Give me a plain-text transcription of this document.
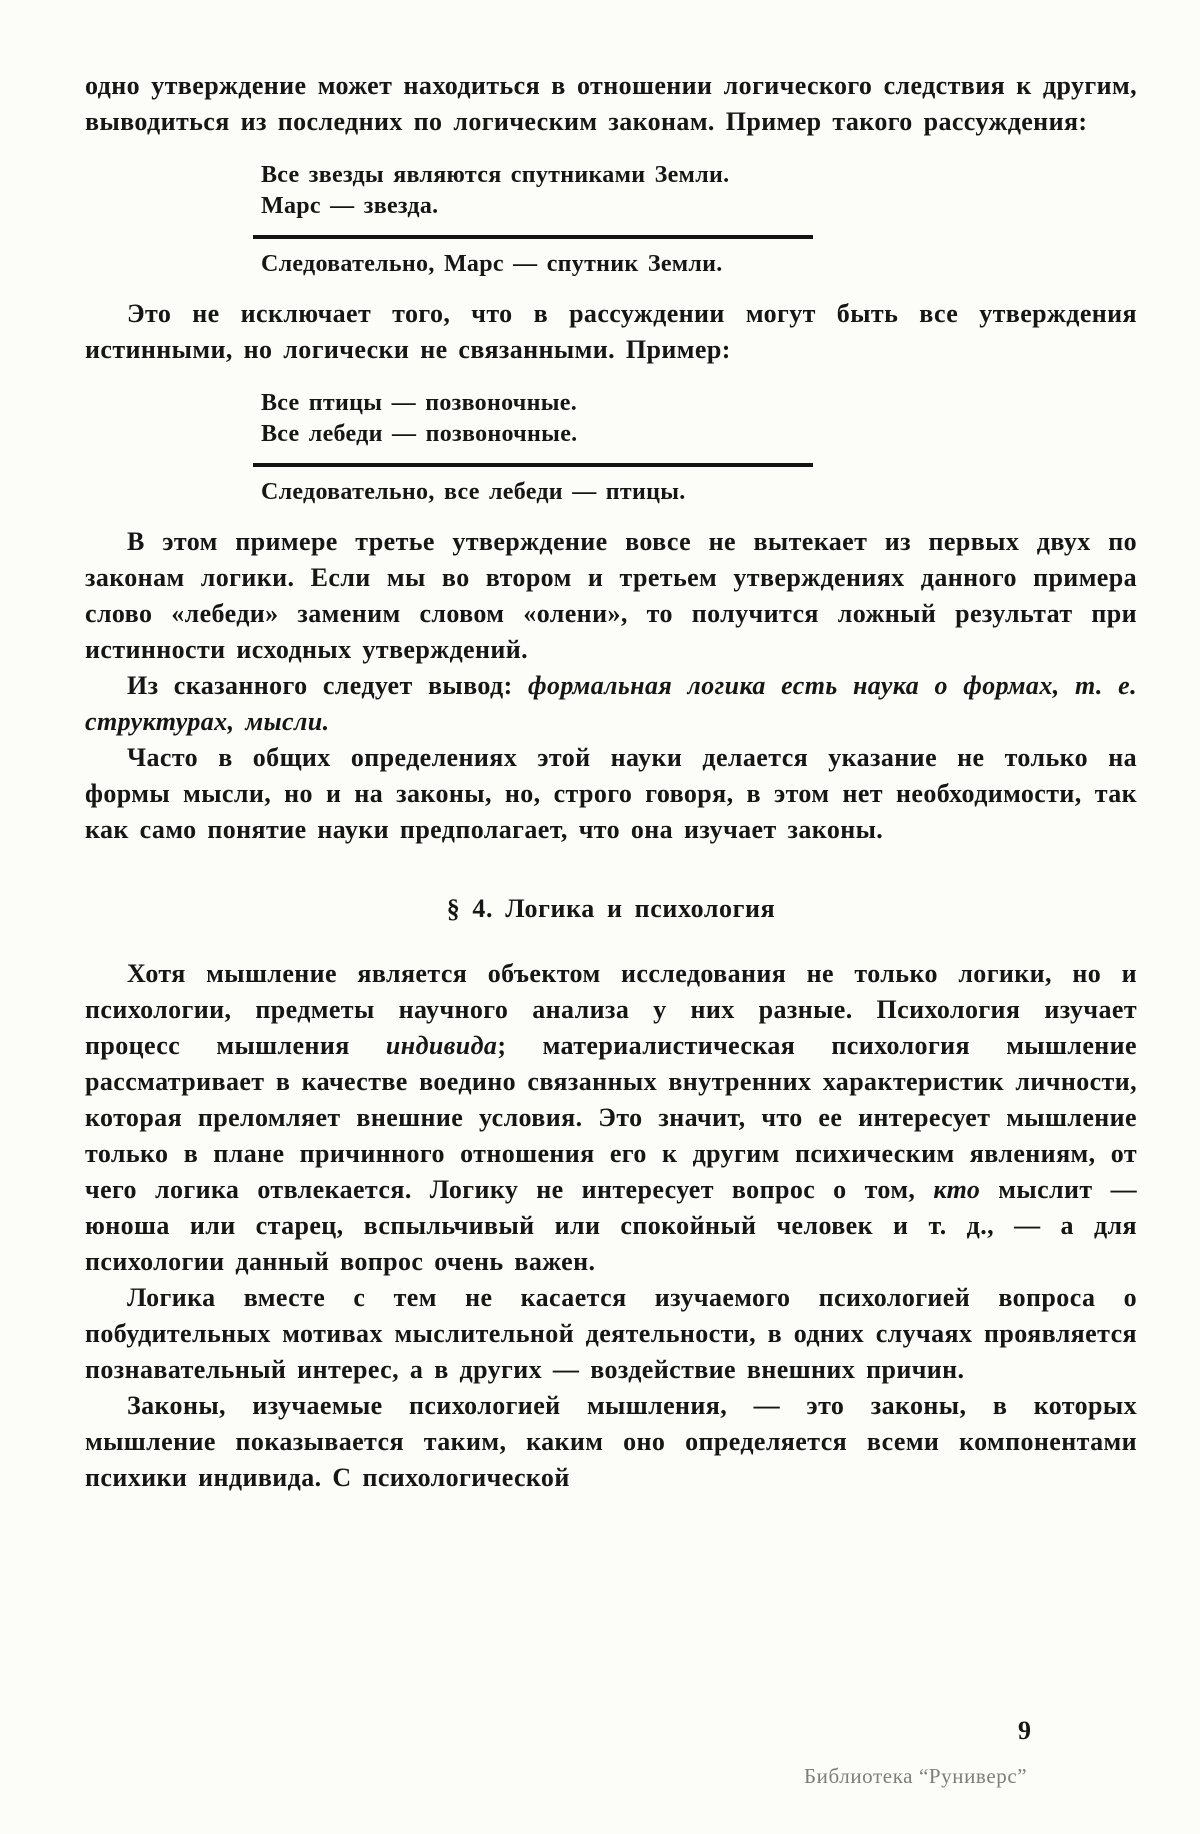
одно утверждение может находиться в отношении логического следствия к другим, выводиться из последних по логическим законам. Пример такого рассуждения:

Все звезды являются спутниками Земли.
Марс — звезда.
Следовательно, Марс — спутник Земли.

Это не исключает того, что в рассуждении могут быть все утверждения истинными, но логически не связанными. Пример:

Все птицы — позвоночные.
Все лебеди — позвоночные.
Следовательно, все лебеди — птицы.

В этом примере третье утверждение вовсе не вытекает из первых двух по законам логики. Если мы во втором и третьем утверждениях данного примера слово «лебеди» заменим словом «олени», то получится ложный результат при истинности исходных утверждений.

Из сказанного следует вывод: формальная логика есть наука о формах, т. е. структурах, мысли.

Часто в общих определениях этой науки делается указание не только на формы мысли, но и на законы, но, строго говоря, в этом нет необходимости, так как само понятие науки предполагает, что она изучает законы.

§ 4. Логика и психология

Хотя мышление является объектом исследования не только логики, но и психологии, предметы научного анализа у них разные. Психология изучает процесс мышления индивида; материалистическая психология мышление рассматривает в качестве воедино связанных внутренних характеристик личности, которая преломляет внешние условия. Это значит, что ее интересует мышление только в плане причинного отношения его к другим психическим явлениям, от чего логика отвлекается. Логику не интересует вопрос о том, кто мыслит — юноша или старец, вспыльчивый или спокойный человек и т. д., — а для психологии данный вопрос очень важен.

Логика вместе с тем не касается изучаемого психологией вопроса о побудительных мотивах мыслительной деятельности, в одних случаях проявляется познавательный интерес, а в других — воздействие внешних причин.

Законы, изучаемые психологией мышления, — это законы, в которых мышление показывается таким, каким оно определяется всеми компонентами психики индивида. С психологической

9
Библиотека “Руниверс”
